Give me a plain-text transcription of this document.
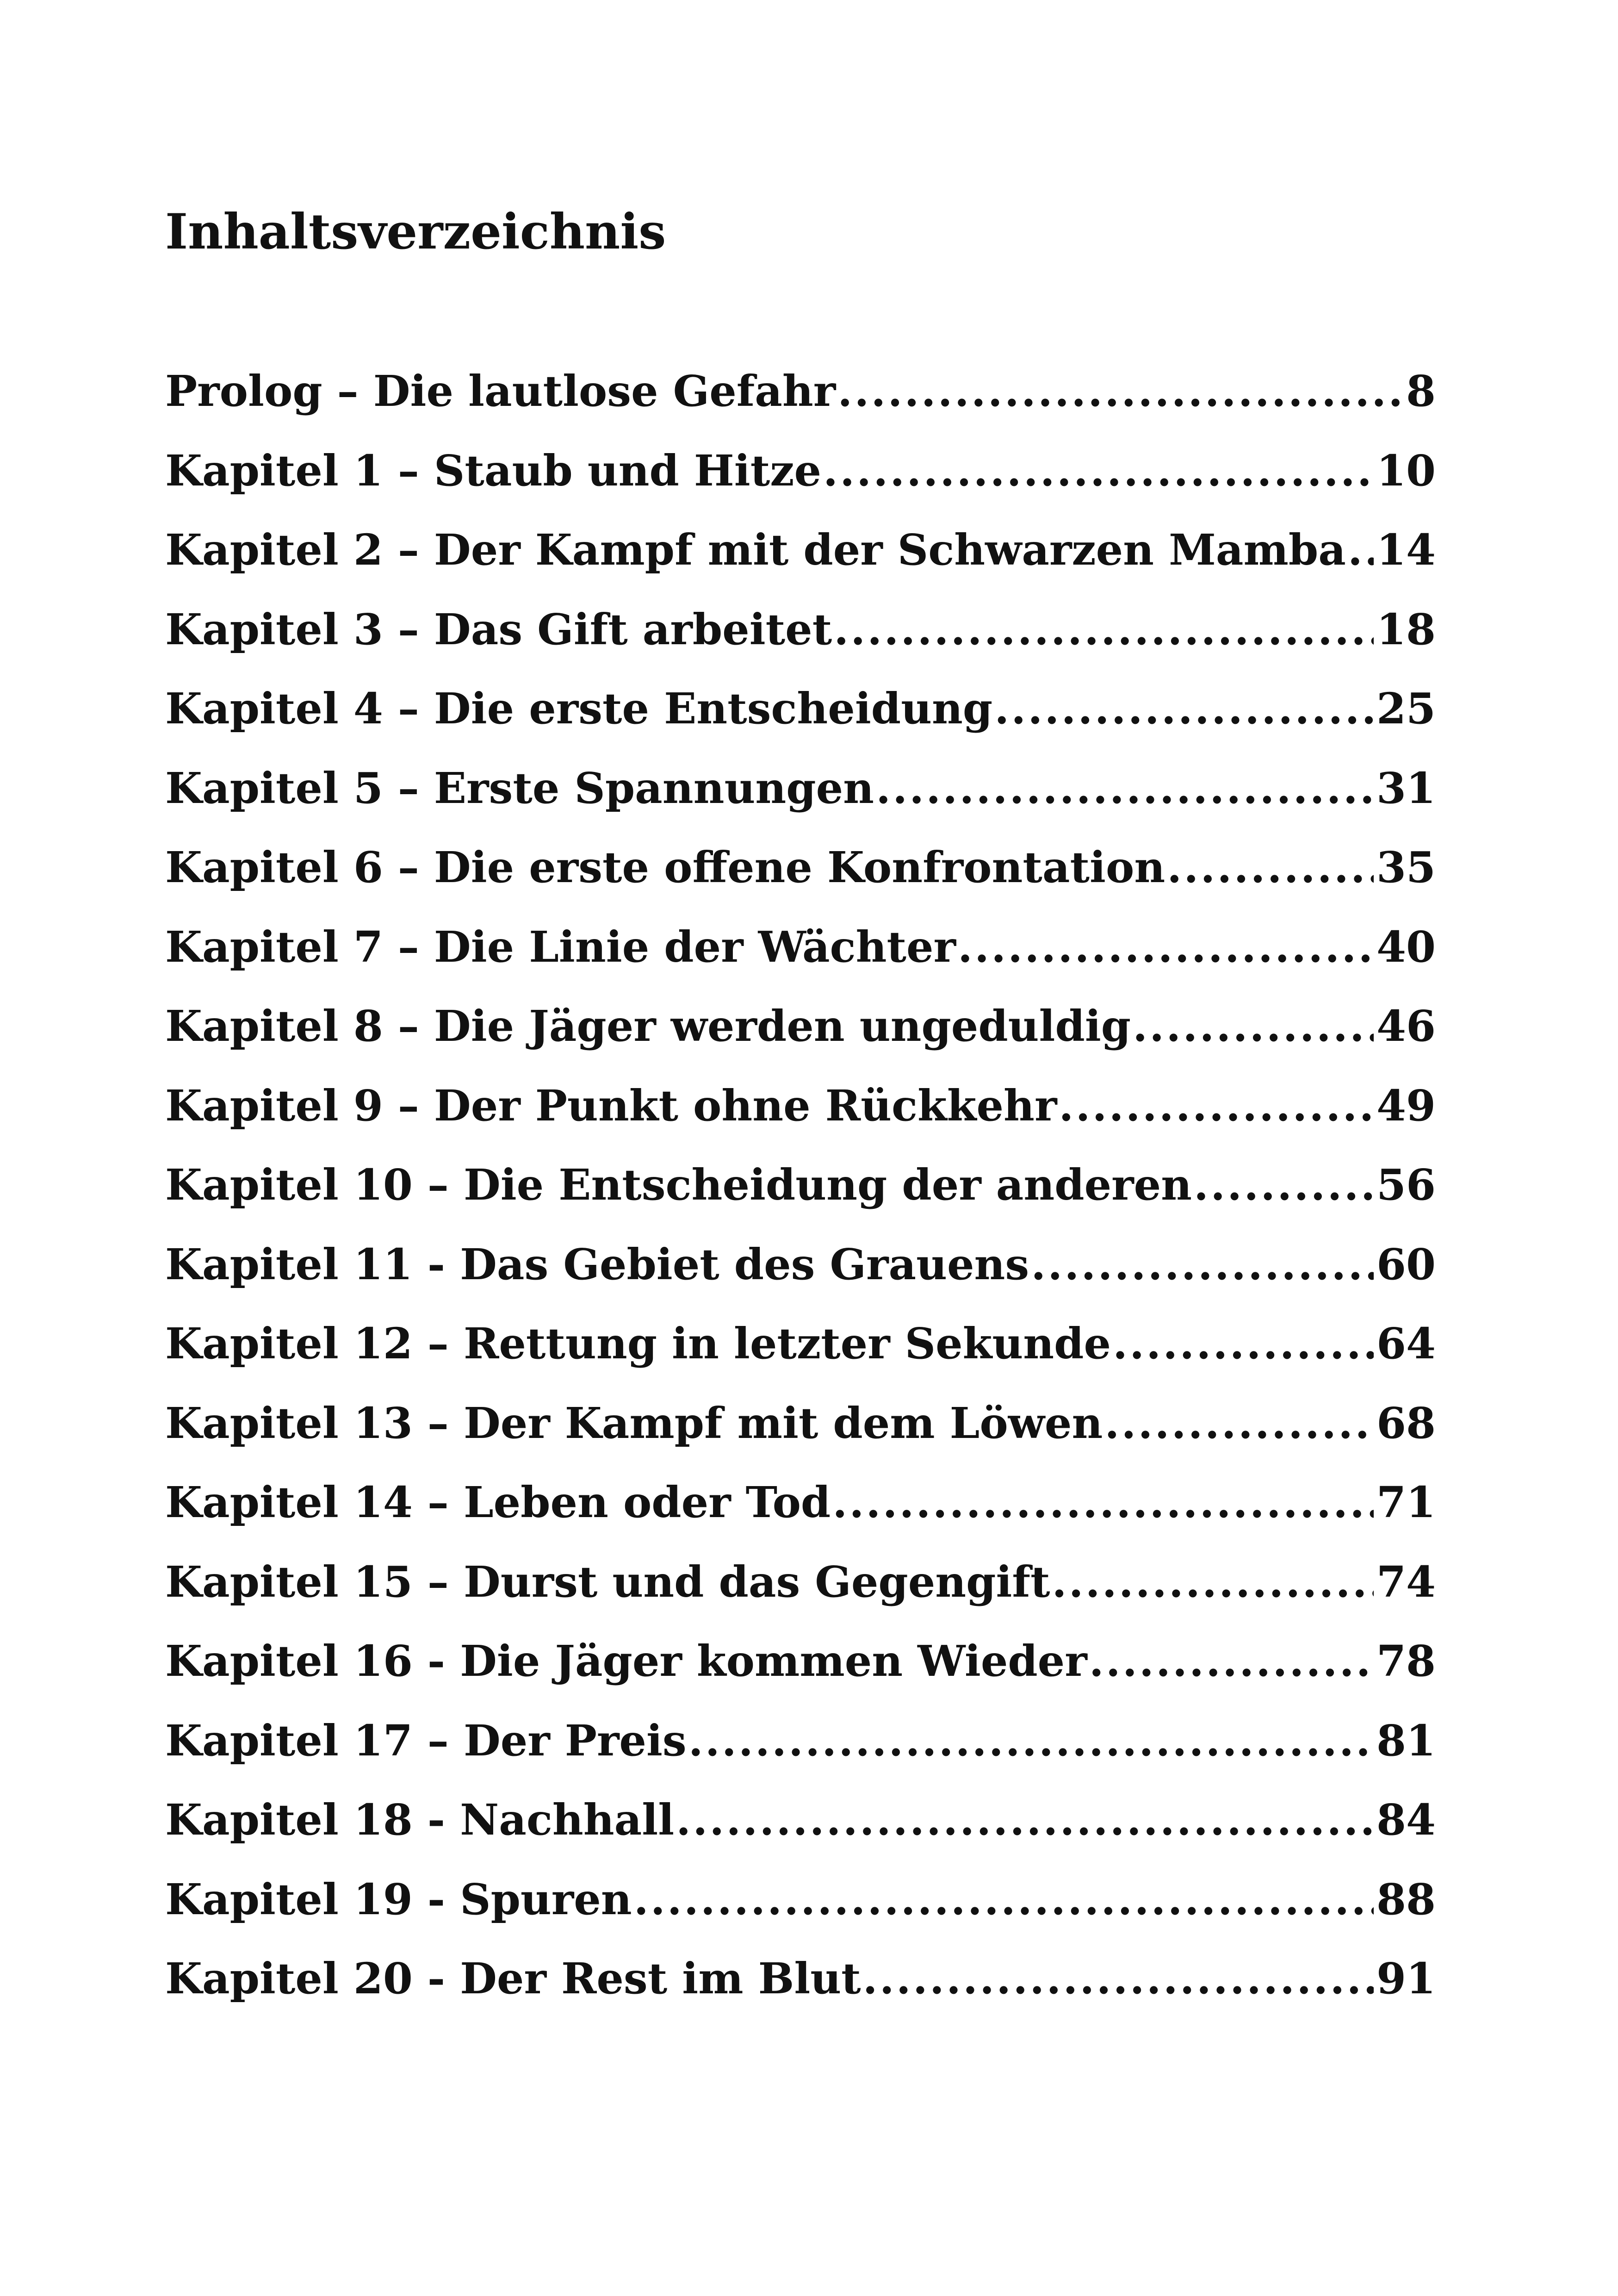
Inhaltsverzeichnis
Prolog – Die lautlose Gefahr . . .	8
Kapitel 1 – Staub und Hitze . . .	10
Kapitel 2 – Der Kampf mit der Schwarzen Mamba . . . 14
Kapitel 3 – Das Gift arbeitet . . .	18
Kapitel 4 – Die erste Entscheidung . . .	25
Kapitel 5 – Erste Spannungen . . .	31
Kapitel 6 – Die erste offene Konfrontation . . .	35
Kapitel 7 – Die Linie der Wächter . . .	40
Kapitel 8 – Die Jäger werden ungeduldig . . .	46
Kapitel 9 – Der Punkt ohne Rückkehr . . .	49
Kapitel 10 – Die Entscheidung der anderen . . .	56
Kapitel 11 - Das Gebiet des Grauens . . .	60
Kapitel 12 – Rettung in letzter Sekunde . . .	64
Kapitel 13 – Der Kampf mit dem Löwen . . .	68
Kapitel 14 – Leben oder Tod . . .	71
Kapitel 15 – Durst und das Gegengift . . .	74
Kapitel 16 - Die Jäger kommen Wieder . . .	78
Kapitel 17 – Der Preis . . .	81
Kapitel 18 - Nachhall . . .	84
Kapitel 19 - Spuren . . .	88
Kapitel 20 - Der Rest im Blut . . .	91
